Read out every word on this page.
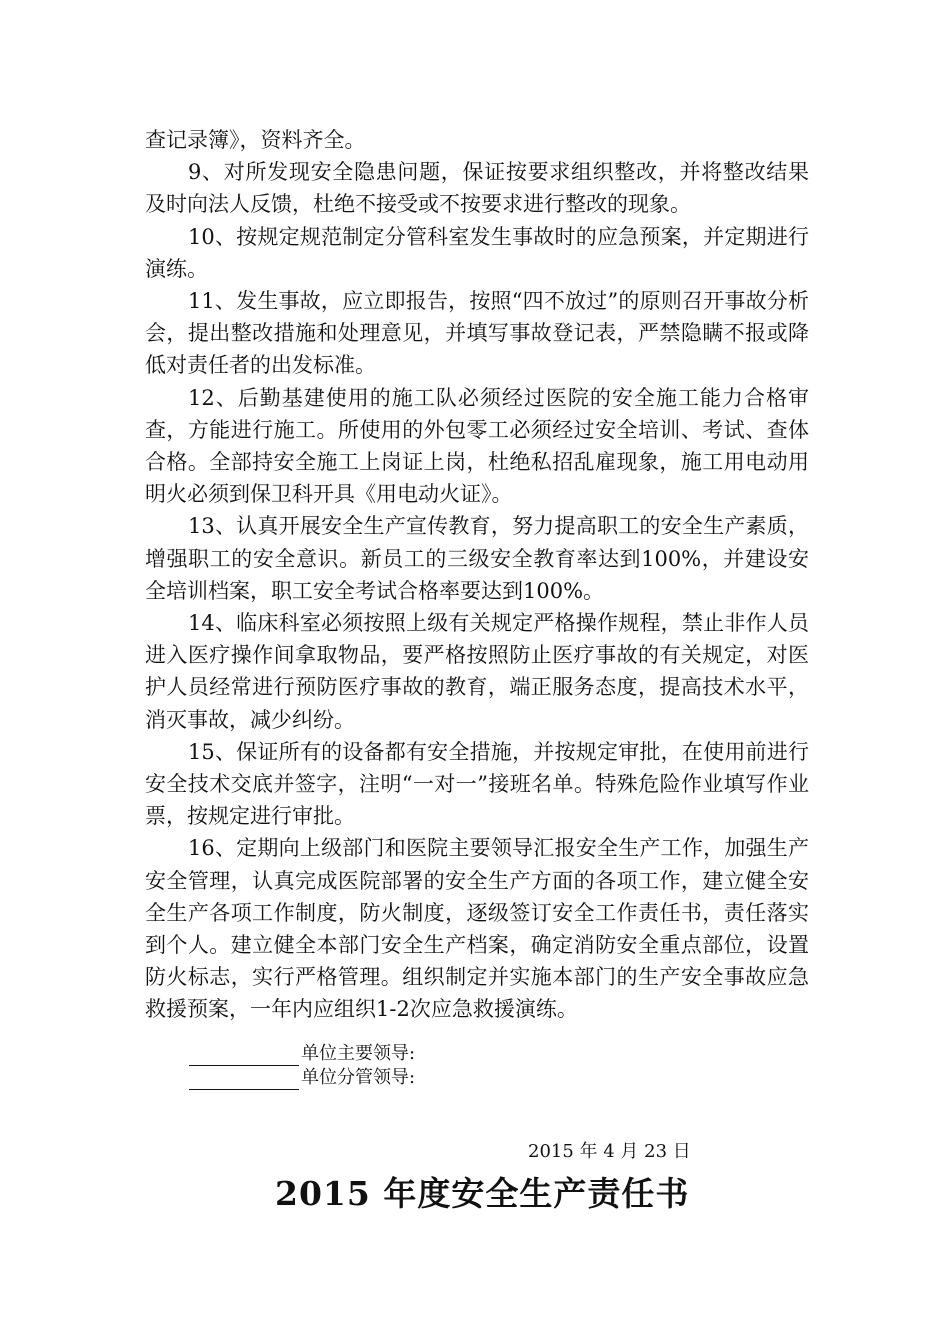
查记录簿》，资料齐全。

9、对所发现安全隐患问题，保证按要求组织整改，并将整改结果及时向法人反馈，杜绝不接受或不按要求进行整改的现象。

10、按规定规范制定分管科室发生事故时的应急预案，并定期进行演练。

11、发生事故，应立即报告，按照“四不放过”的原则召开事故分析会，提出整改措施和处理意见，并填写事故登记表，严禁隐瞒不报或降低对责任者的出发标准。

12、后勤基建使用的施工队必须经过医院的安全施工能力合格审查，方能进行施工。所使用的外包零工必须经过安全培训、考试、查体合格。全部持安全施工上岗证上岗，杜绝私招乱雇现象，施工用电动用明火必须到保卫科开具《用电动火证》。

13、认真开展安全生产宣传教育，努力提高职工的安全生产素质，增强职工的安全意识。新员工的三级安全教育率达到100%，并建设安全培训档案，职工安全考试合格率要达到100%。

14、临床科室必须按照上级有关规定严格操作规程，禁止非作人员进入医疗操作间拿取物品，要严格按照防止医疗事故的有关规定，对医护人员经常进行预防医疗事故的教育，端正服务态度，提高技术水平，消灭事故，减少纠纷。

15、保证所有的设备都有安全措施，并按规定审批，在使用前进行安全技术交底并签字，注明“一对一”接班名单。特殊危险作业填写作业票，按规定进行审批。

16、定期向上级部门和医院主要领导汇报安全生产工作，加强生产安全管理，认真完成医院部署的安全生产方面的各项工作，建立健全安全生产各项工作制度，防火制度，逐级签订安全工作责任书，责任落实到个人。建立健全本部门安全生产档案，确定消防安全重点部位，设置防火标志，实行严格管理。组织制定并实施本部门的生产安全事故应急救援预案，一年内应组织1-2次应急救援演练。

单位主要领导:
单位分管领导:
2015 年 4 月 23 日
2015 年度安全生产责任书
